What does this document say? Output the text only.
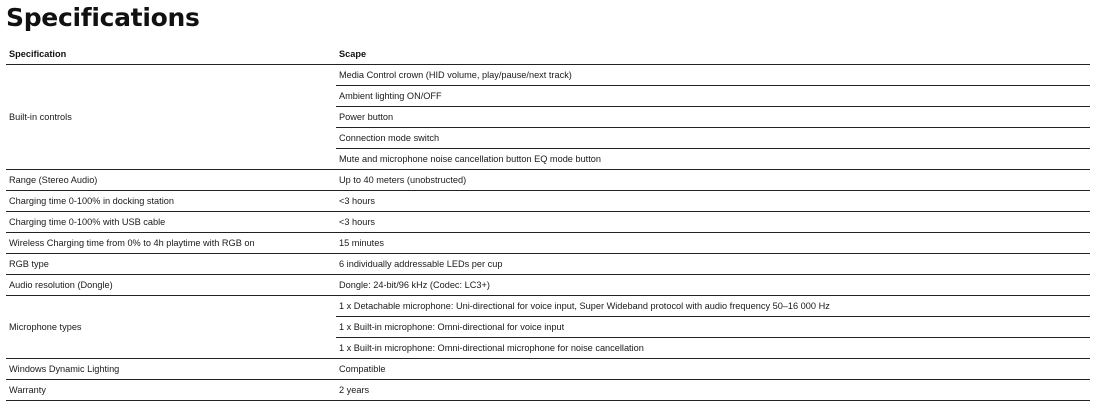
Specifications
Specification	Scape
Built-in controls	Media Control crown (HID volume, play/pause/next track)
	Ambient lighting ON/OFF
	Power button
	Connection mode switch
	Mute and microphone noise cancellation button EQ mode button
Range (Stereo Audio)	Up to 40 meters (unobstructed)
Charging time 0-100% in docking station	<3 hours
Charging time 0-100% with USB cable	<3 hours
Wireless Charging time from 0% to 4h playtime with RGB on	15 minutes
RGB type	6 individually addressable LEDs per cup
Audio resolution (Dongle)	Dongle: 24-bit/96 kHz (Codec: LC3+)
Microphone types	1 x Detachable microphone: Uni-directional for voice input, Super Wideband protocol with audio frequency 50–16 000 Hz
	1 x Built-in microphone: Omni-directional for voice input
	1 x Built-in microphone: Omni-directional microphone for noise cancellation
Windows Dynamic Lighting	Compatible
Warranty	2 years
